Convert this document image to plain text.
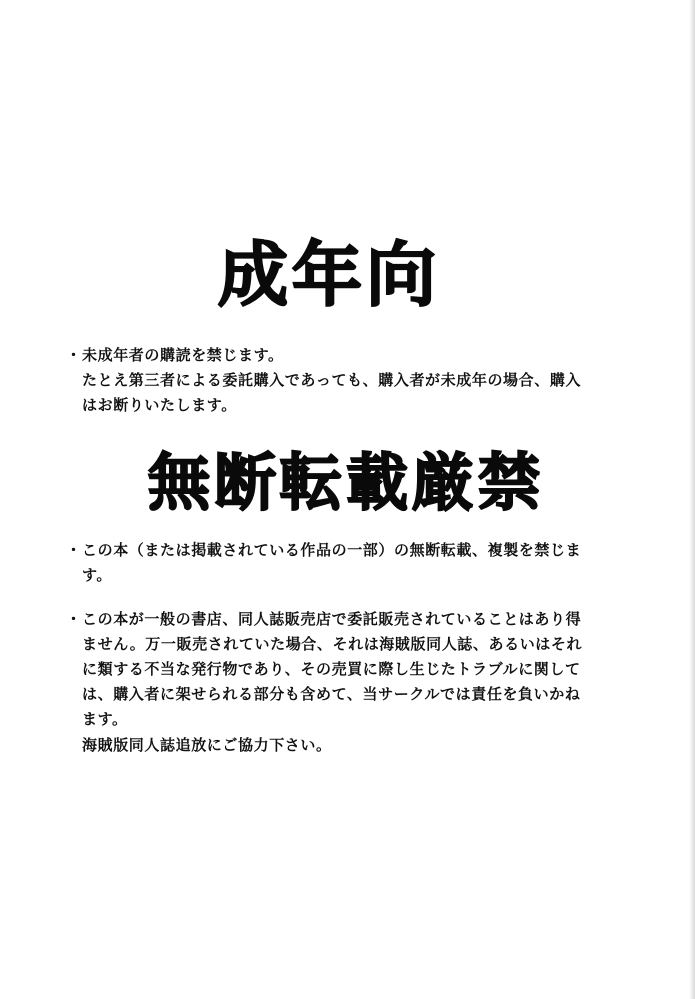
成年向
・ 未成年者の購読を禁じます。
たとえ第三者による委託購入であっても、購入者が未成年の場合、購入
はお断りいたします。
無断転載厳禁
・ この本（または掲載されている作品の一部）の無断転載、複製を禁じま
す。
・ この本が一般の書店、同人誌販売店で委託販売されていることはあり得
ません。万一販売されていた場合、それは海賊版同人誌、あるいはそれ
に類する不当な発行物であり、その売買に際し生じたトラブルに関して
は、購入者に架せられる部分も含めて、当サークルでは責任を負いかね
ます。
海賊版同人誌追放にご協力下さい。
